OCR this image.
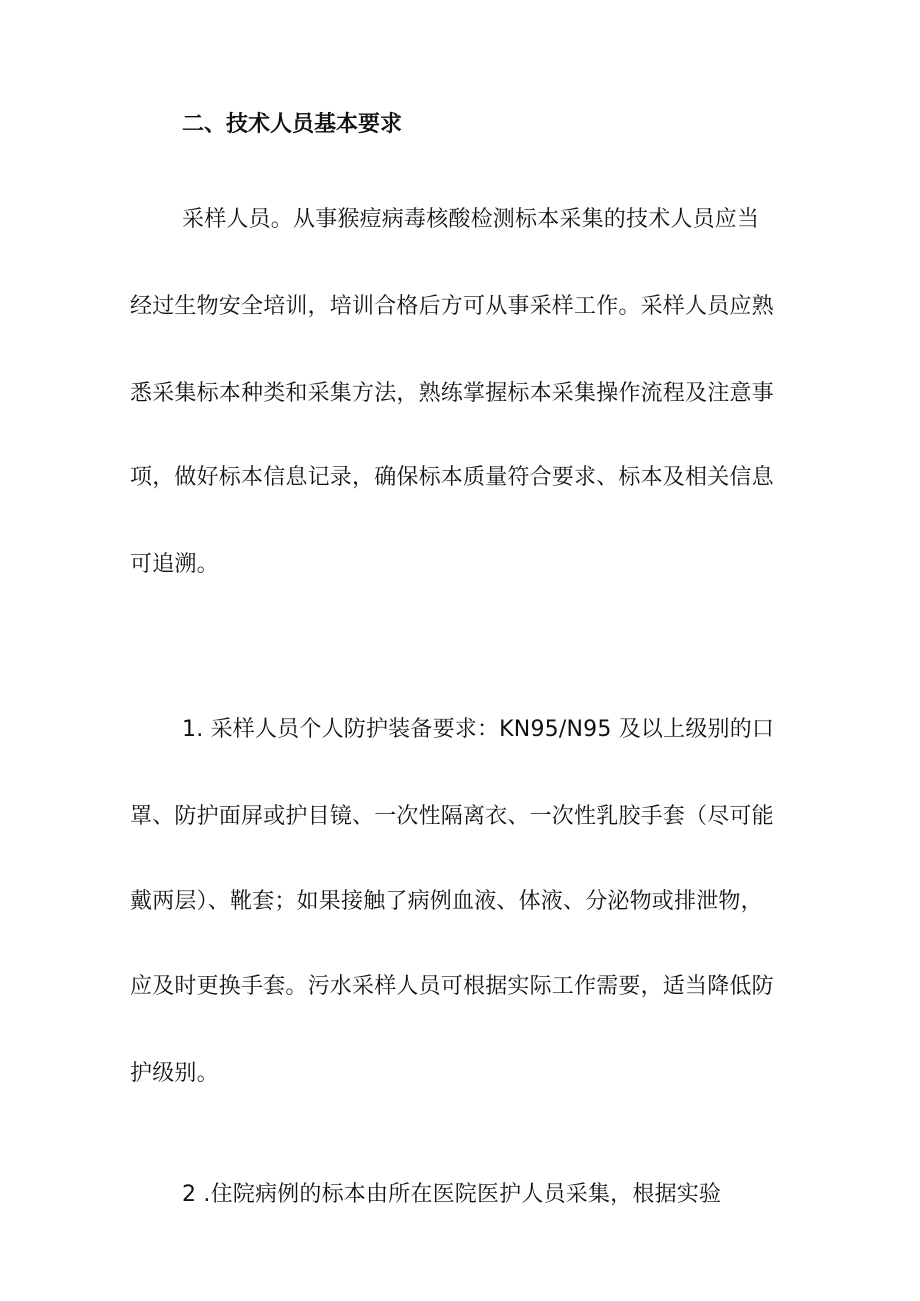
二、技术人员基本要求
采样人员。从事猴痘病毒核酸检测标本采集的技术人员应当
经过生物安全培训，培训合格后方可从事采样工作。采样人员应熟
悉采集标本种类和采集方法，熟练掌握标本采集操作流程及注意事
项，做好标本信息记录，确保标本质量符合要求、标本及相关信息
可追溯。
1. 采样人员个人防护装备要求：KN95/N95 及以上级别的口
罩、防护面屏或护目镜、一次性隔离衣、一次性乳胶手套（尽可能
戴两层）、靴套；如果接触了病例血液、体液、分泌物或排泄物，
应及时更换手套。污水采样人员可根据实际工作需要，适当降低防
护级别。
2 .住院病例的标本由所在医院医护人员采集，根据实验
